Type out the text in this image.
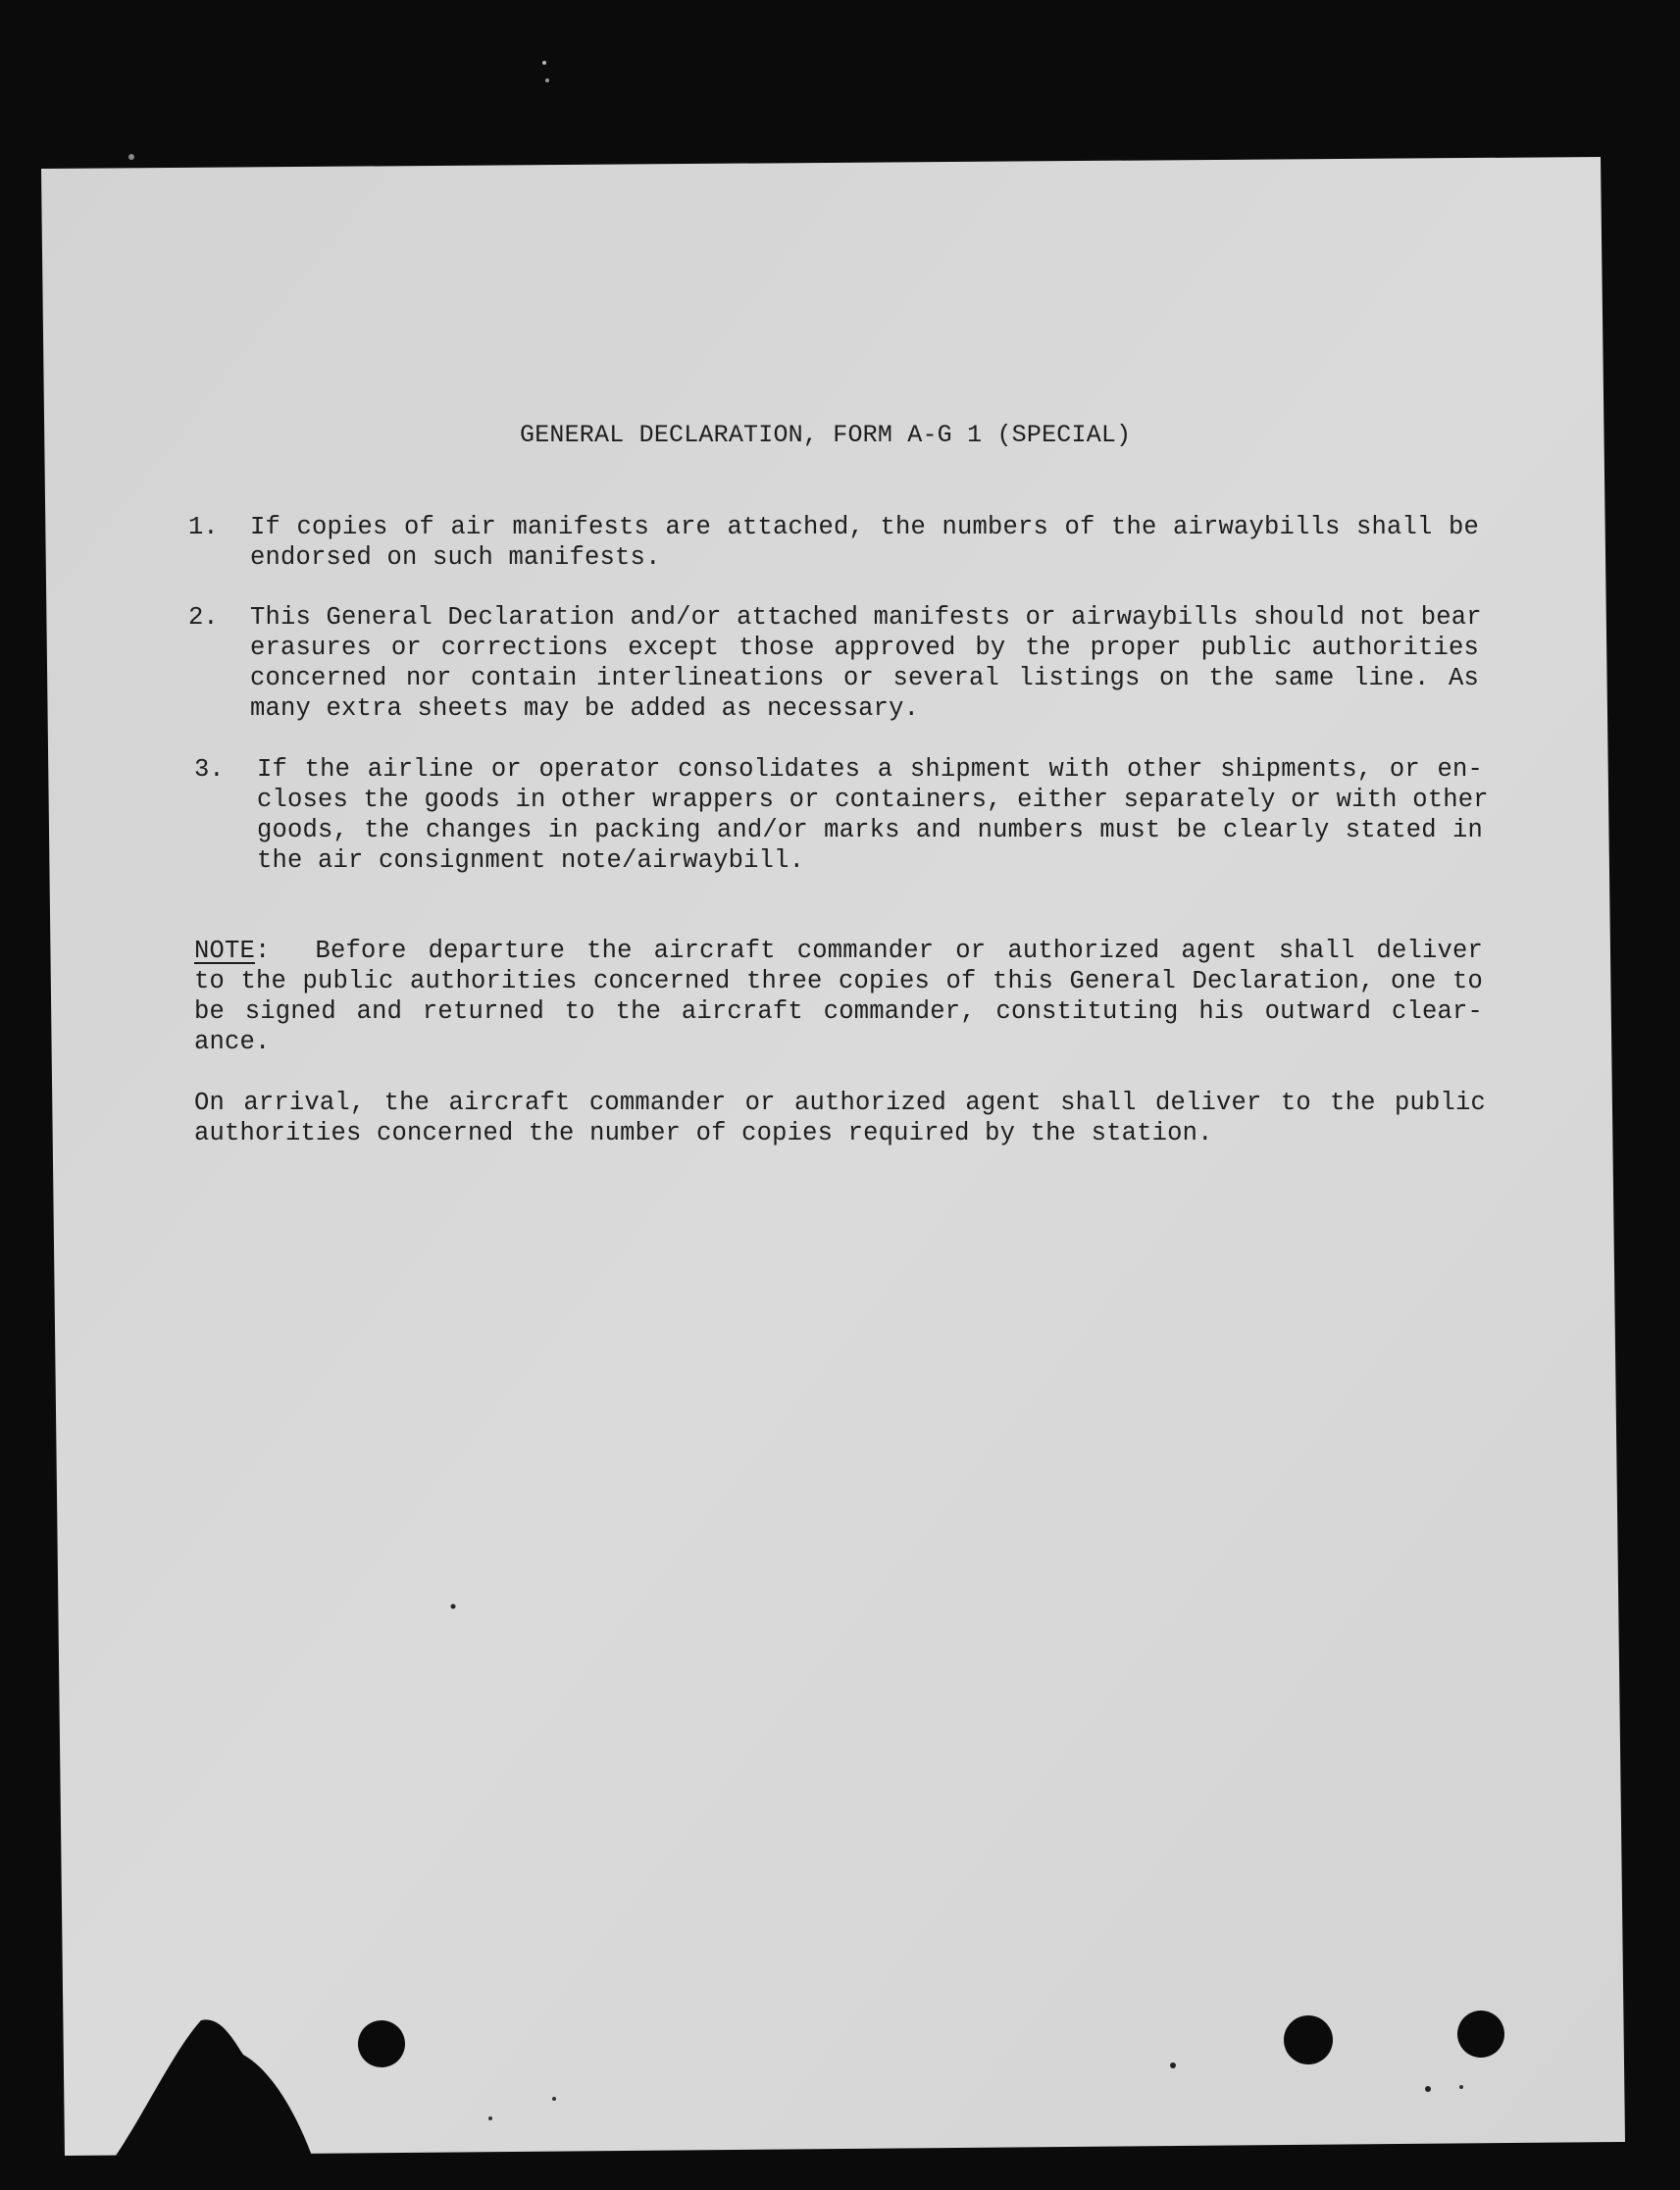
GENERAL DECLARATION, FORM A-G 1 (SPECIAL)
1. If copies of air manifests are attached, the numbers of the airwaybills shall be
endorsed on such manifests.
2. This General Declaration and/or attached manifests or airwaybills should not bear
erasures or corrections except those approved by the proper public authorities
concerned nor contain interlineations or several listings on the same line. As
many extra sheets may be added as necessary.
3. If the airline or operator consolidates a shipment with other shipments, or en-
closes the goods in other wrappers or containers, either separately or with other
goods, the changes in packing and/or marks and numbers must be clearly stated in
the air consignment note/airwaybill.
NOTE: Before departure the aircraft commander or authorized agent shall deliver
to the public authorities concerned three copies of this General Declaration, one to
be signed and returned to the aircraft commander, constituting his outward clear-
ance.
On arrival, the aircraft commander or authorized agent shall deliver to the public
authorities concerned the number of copies required by the station.
